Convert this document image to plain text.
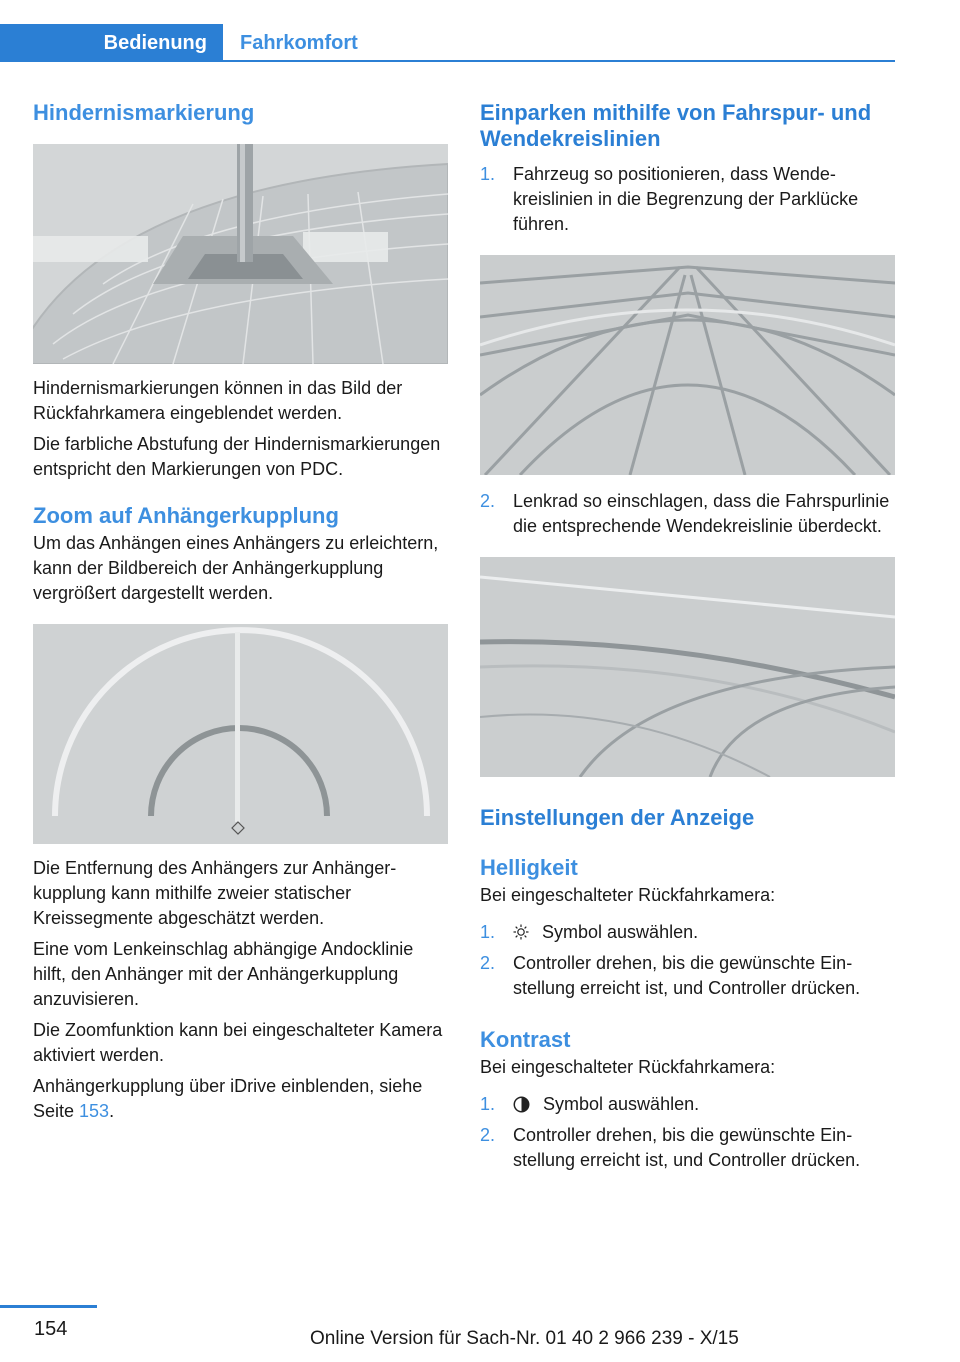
Bedienung	Fahrkomfort
Hindernismarkierung

Hindernismarkierungen können in das Bild der Rückfahrkamera eingeblendet werden.

Die farbliche Abstufung der Hindernismarkierungen entspricht den Markierungen von PDC.

Zoom auf Anhängerkupplung

Um das Anhängen eines Anhängers zu erleichtern, kann der Bildbereich der Anhängerkupplung vergrößert dargestellt werden.

Die Entfernung des Anhängers zur Anhängerkupplung kann mithilfe zweier statischer Kreissegmente abgeschätzt werden.

Eine vom Lenkeinschlag abhängige Andocklinie hilft, den Anhänger mit der Anhängerkupplung anzuvisieren.

Die Zoomfunktion kann bei eingeschalteter Kamera aktiviert werden.

Anhängerkupplung über iDrive einblenden, siehe Seite 153.

Einparken mithilfe von Fahrspur- und Wendekreislinien
1. Fahrzeug so positionieren, dass Wendekreislinien in die Begrenzung der Parklücke führen.
2. Lenkrad so einschlagen, dass die Fahrspurlinie die entsprechende Wendekreislinie überdeckt.
Einstellungen der Anzeige
Helligkeit

Bei eingeschalteter Rückfahrkamera:

1.	Symbol auswählen.
2. Controller drehen, bis die gewünschte Einstellung erreicht ist, und Controller drücken.
Kontrast

Bei eingeschalteter Rückfahrkamera:

1.	Symbol auswählen.
2. Controller drehen, bis die gewünschte Einstellung erreicht ist, und Controller drücken.
154	Online Version für Sach-Nr. 01 40 2 966 239 - X/15
